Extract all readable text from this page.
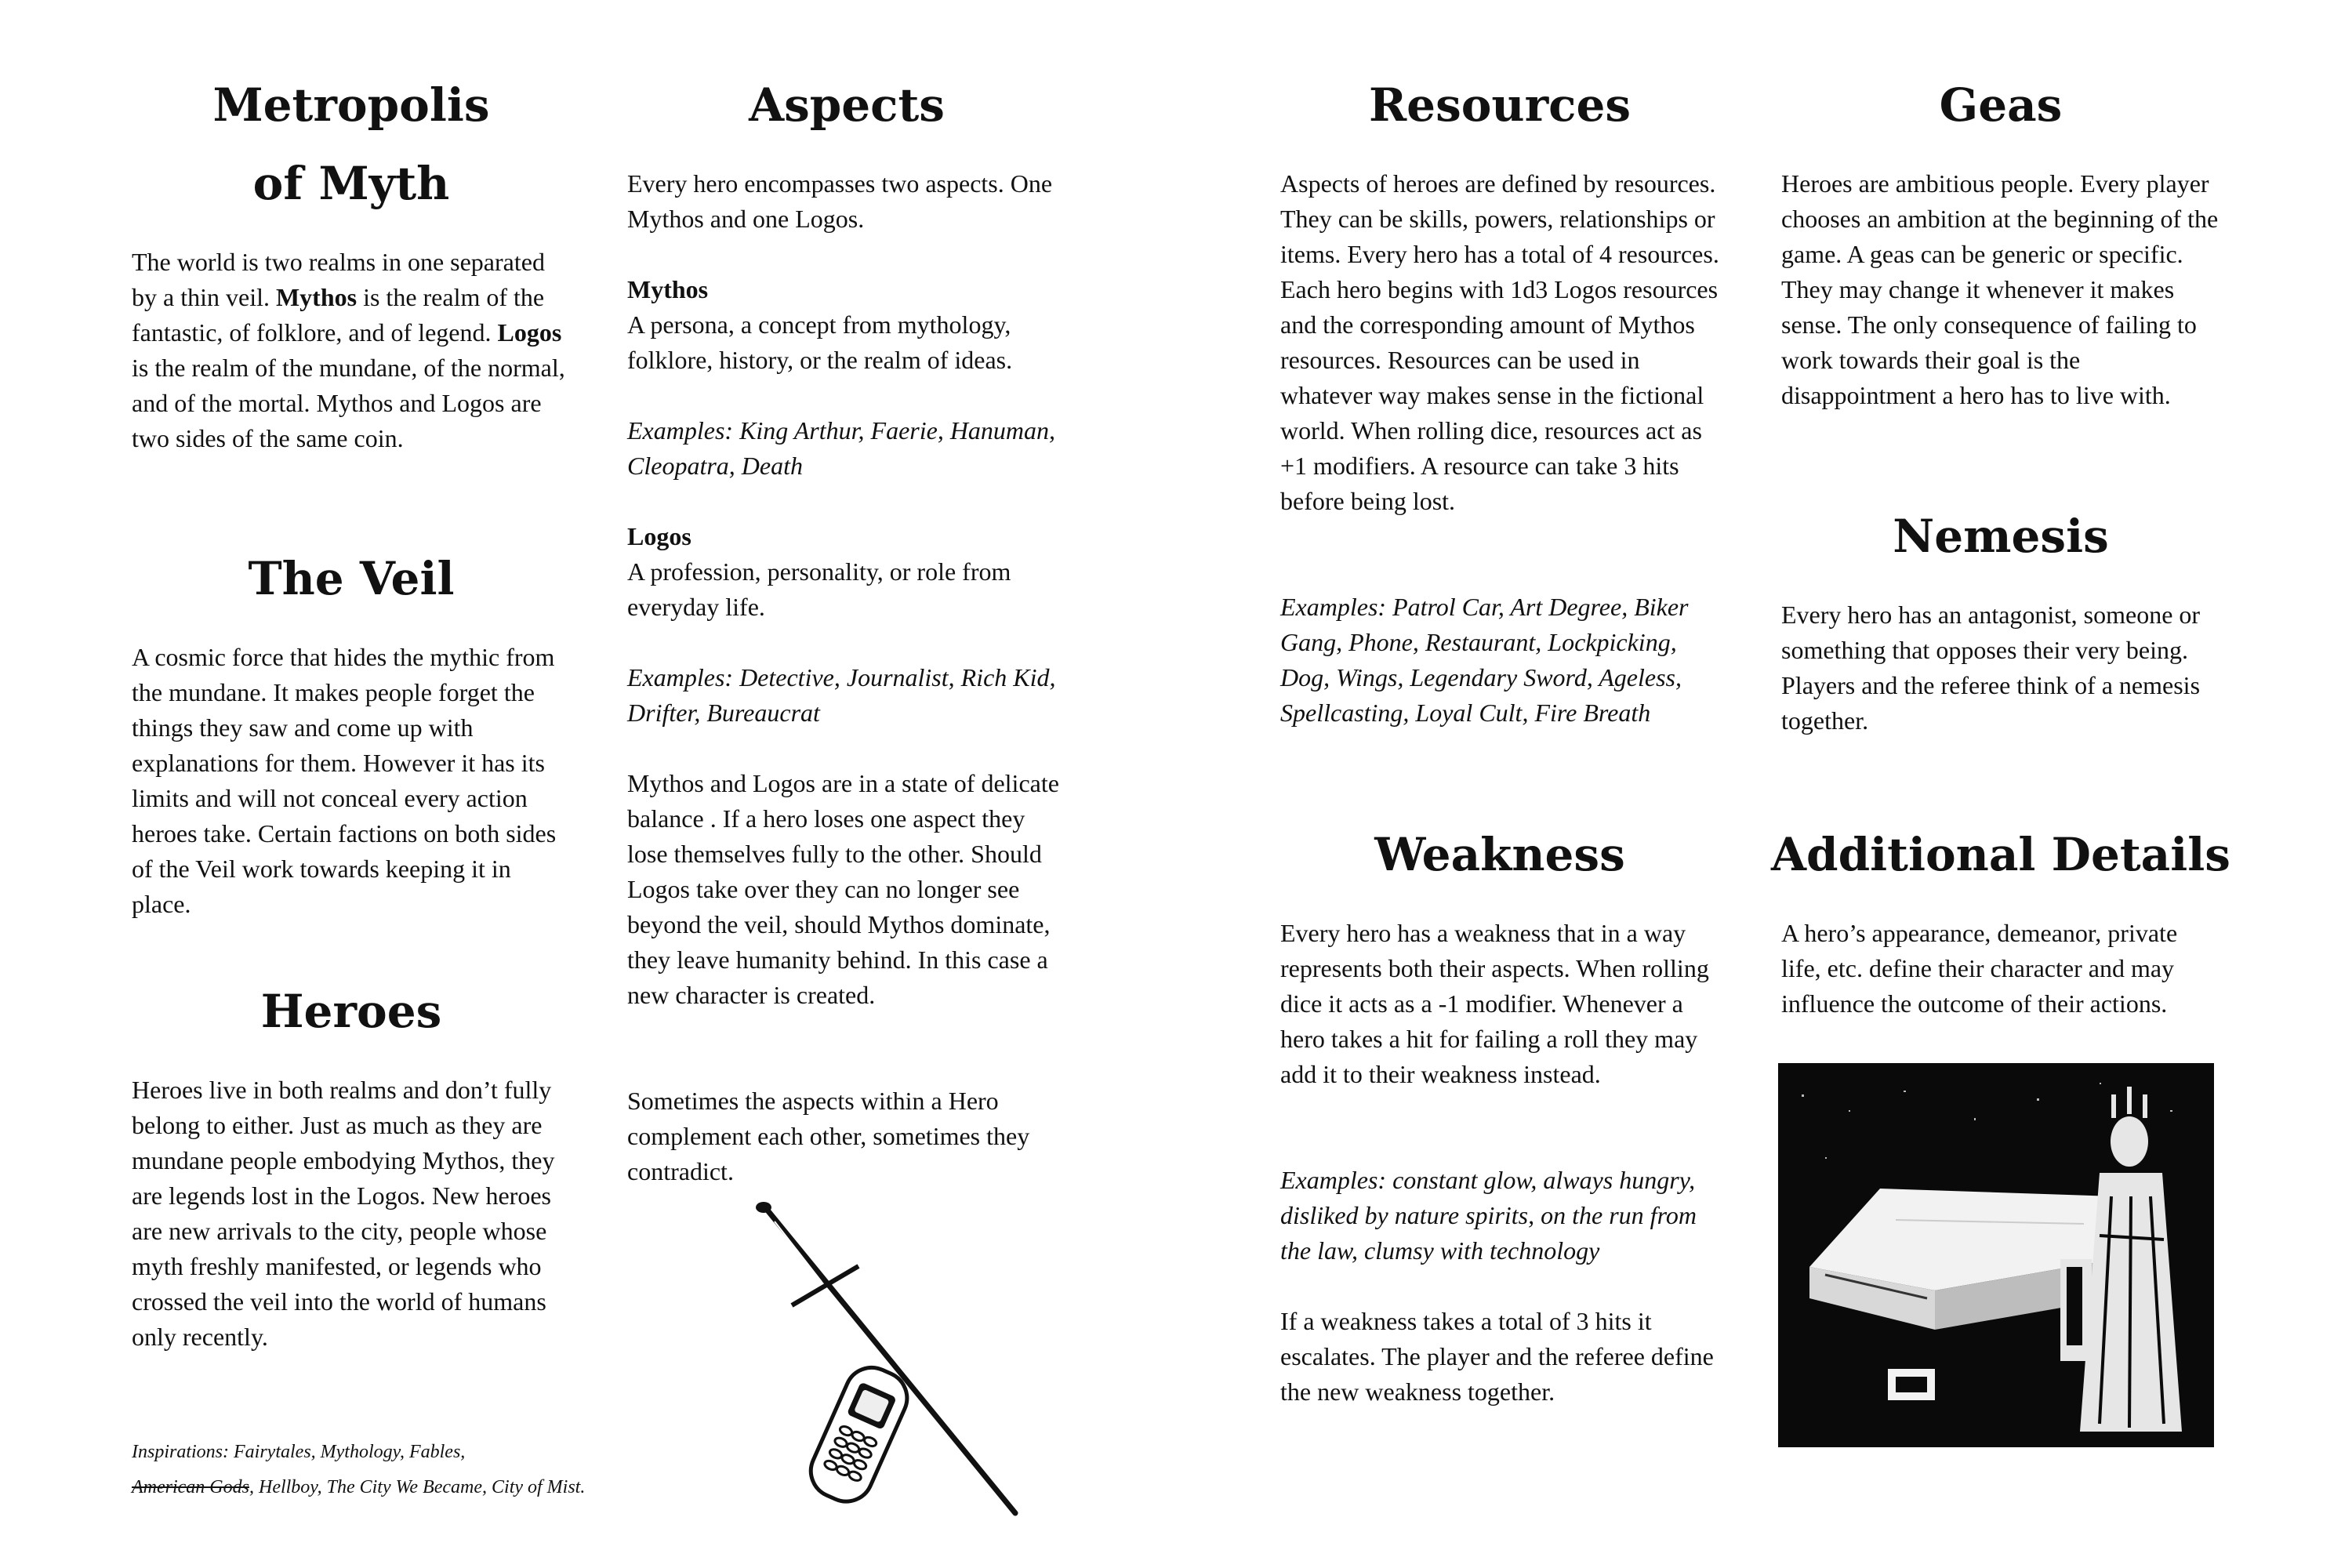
Metropolis
of Myth

The world is two realms in one separated by a thin veil. Mythos is the realm of the fantastic, of folklore, and of legend. Logos is the realm of the mundane, of the normal, and of the mortal. Mythos and Logos are two sides of the same coin.

The Veil

A cosmic force that hides the mythic from the mundane. It makes people forget the things they saw and come up with explanations for them. However it has its limits and will not conceal every action heroes take. Certain factions on both sides of the Veil work towards keeping it in place.

Heroes

Heroes live in both realms and don’t fully belong to either. Just as much as they are mundane people embodying Mythos, they are legends lost in the Logos. New heroes are new arrivals to the city, people whose myth freshly manifested, or legends who crossed the veil into the world of humans only recently.

Inspirations: Fairytales, Mythology, Fables,

American Gods, Hellboy, The City We Became, City of Mist.

Aspects

Every hero encompasses two aspects. One Mythos and one Logos.

Mythos

A persona, a concept from mythology, folklore, history, or the realm of ideas.

Examples: King Arthur, Faerie, Hanuman, Cleopatra, Death

Logos

A profession, personality, or role from everyday life.

Examples: Detective, Journalist, Rich Kid, Drifter, Bureaucrat

Mythos and Logos are in a state of delicate balance . If a hero loses one aspect they lose themselves fully to the other. Should Logos take over they can no longer see beyond the veil, should Mythos dominate, they leave humanity behind. In this case a new character is created.

Sometimes the aspects within a Hero complement each other, sometimes they contradict.

Resources

Aspects of heroes are defined by resources. They can be skills, powers, relationships or items. Every hero has a total of 4 resources. Each hero begins with 1d3 Logos resources and the corresponding amount of Mythos resources. Resources can be used in whatever way makes sense in the fictional world. When rolling dice, resources act as +1 modifiers. A resource can take 3 hits before being lost.

Examples: Patrol Car, Art Degree, Biker Gang, Phone, Restaurant, Lockpicking, Dog, Wings, Legendary Sword, Ageless, Spellcasting, Loyal Cult, Fire Breath

Weakness

Every hero has a weakness that in a way represents both their aspects. When rolling dice it acts as a -1 modifier. Whenever a hero takes a hit for failing a roll they may add it to their weakness instead.

Examples: constant glow, always hungry, disliked by nature spirits, on the run from the law, clumsy with technology

If a weakness takes a total of 3 hits it escalates. The player and the referee define the new weakness together.

Geas

Heroes are ambitious people. Every player chooses an ambition at the beginning of the game. A geas can be generic or specific. They may change it whenever it makes sense. The only consequence of failing to work towards their goal is the disappointment a hero has to live with.

Nemesis

Every hero has an antagonist, someone or something that opposes their very being. Players and the referee think of a nemesis together.

Additional Details

A hero’s appearance, demeanor, private life, etc. define their character and may influence the outcome of their actions.
